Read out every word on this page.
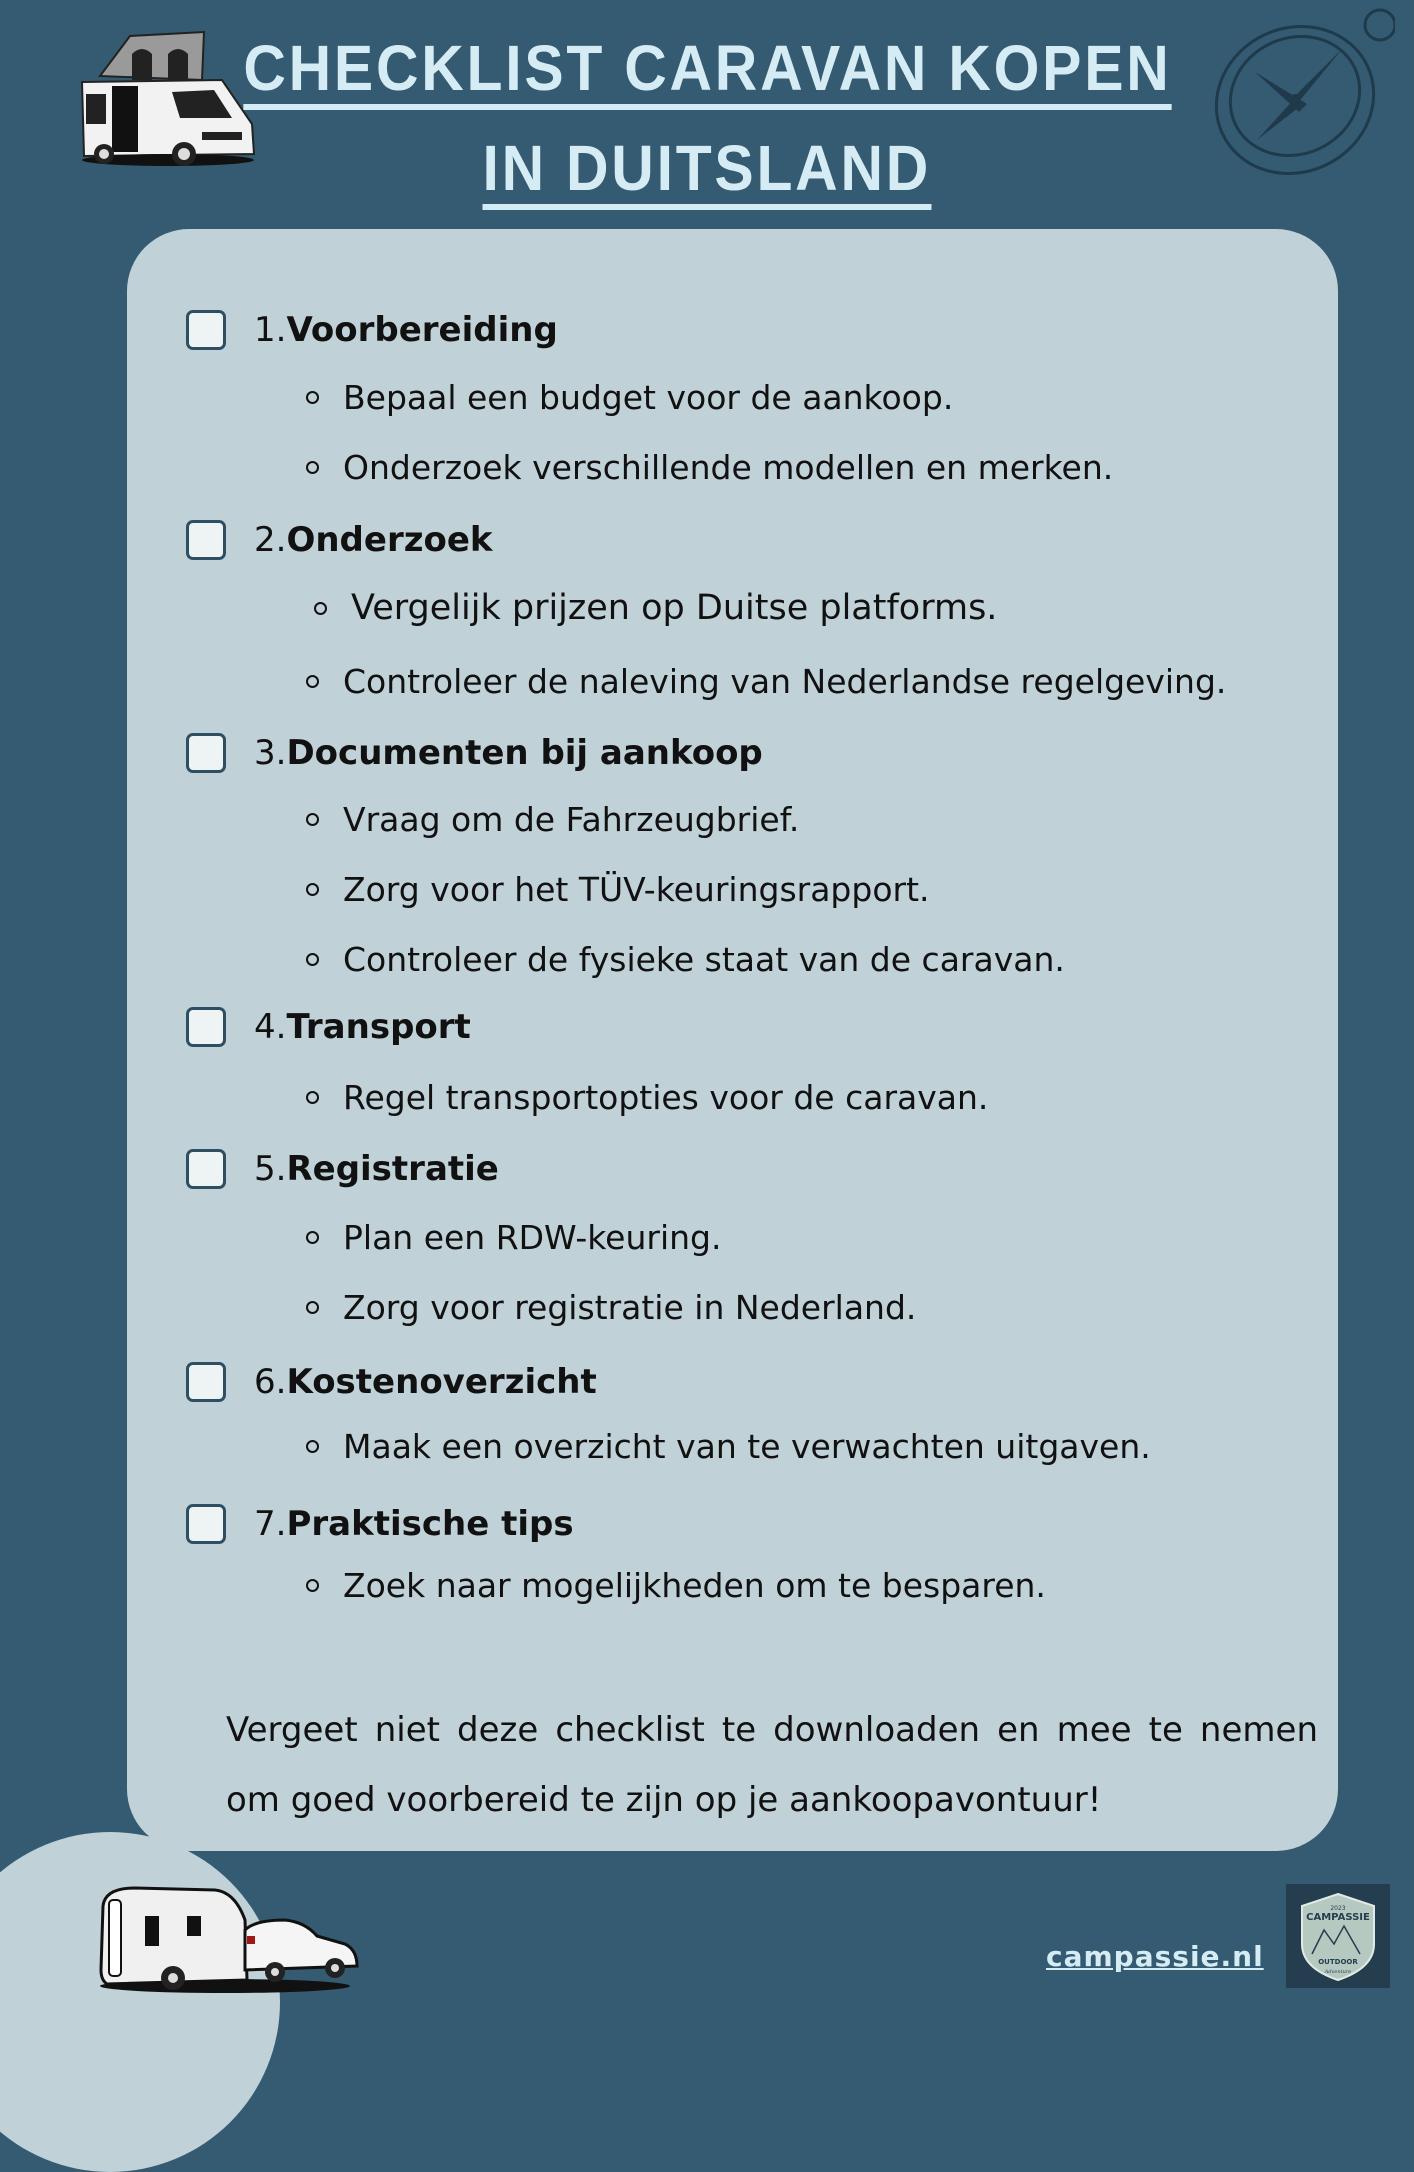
CHECKLIST CARAVAN KOPEN
IN DUITSLAND
1. Voorbereiding
Bepaal een budget voor de aankoop.
Onderzoek verschillende modellen en merken.
2. Onderzoek
Vergelijk prijzen op Duitse platforms.
Controleer de naleving van Nederlandse regelgeving.
3. Documenten bij aankoop
Vraag om de Fahrzeugbrief.
Zorg voor het TÜV-keuringsrapport.
Controleer de fysieke staat van de caravan.
4. Transport
Regel transportopties voor de caravan.
5. Registratie
Plan een RDW-keuring.
Zorg voor registratie in Nederland.
6. Kostenoverzicht
Maak een overzicht van te verwachten uitgaven.
7. Praktische tips
Zoek naar mogelijkheden om te besparen.
Vergeet niet deze checklist te downloaden en mee te nemen om goed voorbereid te zijn op je aankoopavontuur!
campassie.nl
2023
CAMPASSIE
OUTDOOR
Adventure
